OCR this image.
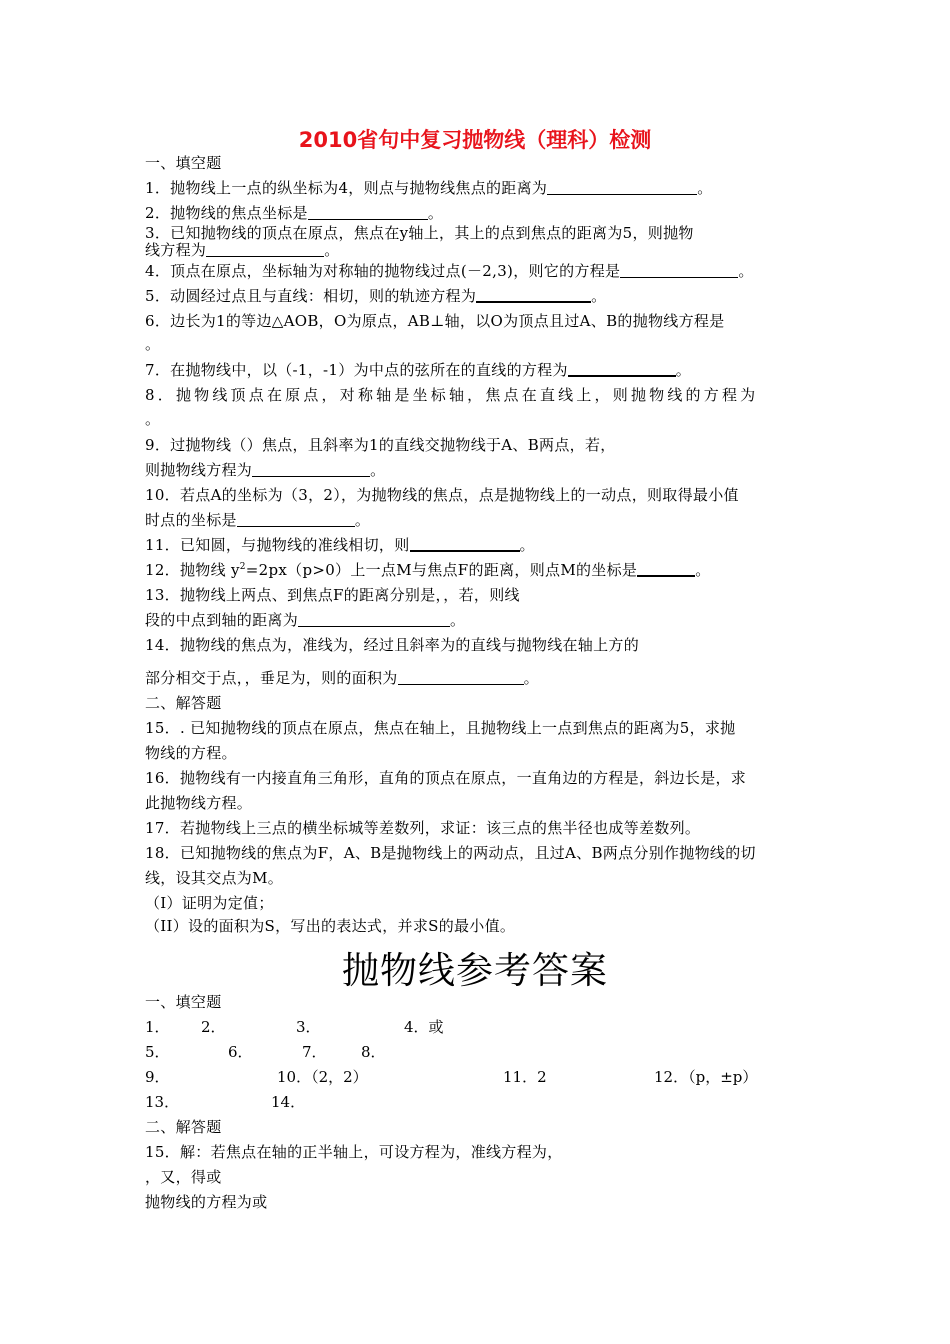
2010省句中复习抛物线（理科）检测
一、填空题
1．抛物线上一点的纵坐标为4，则点与抛物线焦点的距离为	。
2．抛物线的焦点坐标是	。
3．已知抛物线的顶点在原点，焦点在y轴上，其上的点到焦点的距离为5，则抛物
线方程为	。
4．顶点在原点，坐标轴为对称轴的抛物线过点(－2,3)，则它的方程是	。
5．动圆经过点且与直线：相切，则的轨迹方程为	。
6．边长为1的等边△AOB，O为原点，AB⊥轴，以O为顶点且过A、B的抛物线方程是
。
7．在抛物线中，以（-1，-1）为中点的弦所在的直线的方程为	。
8．抛物线顶点在原点，对称轴是坐标轴，焦点在直线上，则抛物线的方程为
。
9．过抛物线（）焦点，且斜率为1的直线交抛物线于A、B两点，若，
则抛物线方程为	。
10．若点A的坐标为（3，2），为抛物线的焦点，点是抛物线上的一动点，则取得最小值
时点的坐标是	。
11．已知圆，与抛物线的准线相切，则	。
12．抛物线 $y^2=2px(p>0)$上一点M与焦点F的距离，则点M的坐标是	。
13．抛物线上两点、到焦点F的距离分别是，，若，则线
段的中点到轴的距离为	。
14．抛物线的焦点为，准线为，经过且斜率为的直线与抛物线在轴上方的
部分相交于点，，垂足为，则的面积为	。
二、解答题
15．. 已知抛物线的顶点在原点，焦点在轴上，且抛物线上一点到焦点的距离为5，求抛
物线的方程。
16．抛物线有一内接直角三角形，直角的顶点在原点，一直角边的方程是，斜边长是，求
此抛物线方程。
17．若抛物线上三点的横坐标城等差数列，求证：该三点的焦半径也成等差数列。
18．已知抛物线的焦点为F，A、B是抛物线上的两动点，且过A、B两点分别作抛物线的切
线，设其交点为M。
（I）证明为定值；
（II）设的面积为S，写出的表达式，并求S的最小值。
抛物线参考答案
一、填空题
1． 2．	3．	4．或
5．	6．	7． 8．
9．	10．（2，2）	11．2	12．（p，±p）
13．	14．
二、解答题
15．解：若焦点在轴的正半轴上，可设方程为，准线方程为，
，又，得或
抛物线的方程为或
